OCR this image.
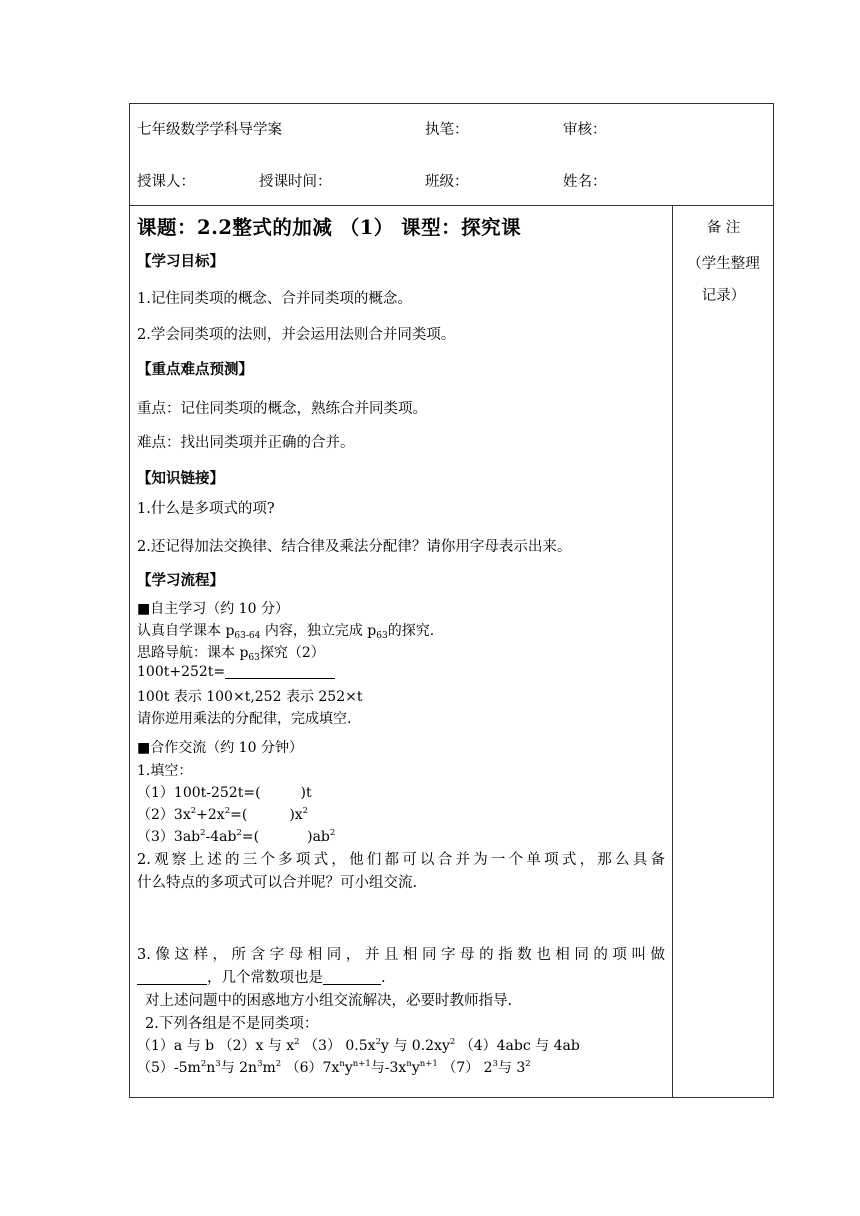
七年级数学学科导学案	执笔：	审核：
授课人：	授课时间：	班级：	姓名：
备 注
（学生整理
记录）
课题：2.2整式的加减 （1） 课型：探究课
【学习目标】
1.记住同类项的概念、合并同类项的概念。
2.学会同类项的法则，并会运用法则合并同类项。
【重点难点预测】
重点：记住同类项的概念，熟练合并同类项。
难点：找出同类项并正确的合并。
【知识链接】
1.什么是多项式的项?
2.还记得加法交换律、结合律及乘法分配律？请你用字母表示出来。
【学习流程】
■自主学习（约 10 分）
认真自学课本 $p_{63-64}$ 内容，独立完成 $p_{63}$的探究.
思路导航：课本 $p_{63}$探究（2）
100t+252t=
100t 表示 100×t,252 表示 252×t
请你逆用乘法的分配律，完成填空.
■合作交流（约 10 分钟）
1.填空：
（1）100t-252t=(	)t
$(2)3x^2+2x^2=$(	)$x^2$
$(3)3ab^2-4ab^2=$(	)$ab^2$
2.观察上述的三个多项式，他们都可以合并为一个单项式，那么具备
什么特点的多项式可以合并呢？可小组交流.
3.像这样，所含字母相同，并且相同字母的指数也相同的项叫做
，几个常数项也是	.
对上述问题中的困惑地方小组交流解决，必要时教师指导.
2.下列各组是不是同类项：
（1）a 与 b （2）x 与 $x^2$ （3） $0.5x^2y$ 与 $0.2xy^2$ （4）4abc 与 4ab
$(5)-5m^2n^3$与 $2n^3m^2$ $(6)7x^ny^{n+1}$与$-3x^ny^{n+1}$ （7） $2^3$与 $3^2$
